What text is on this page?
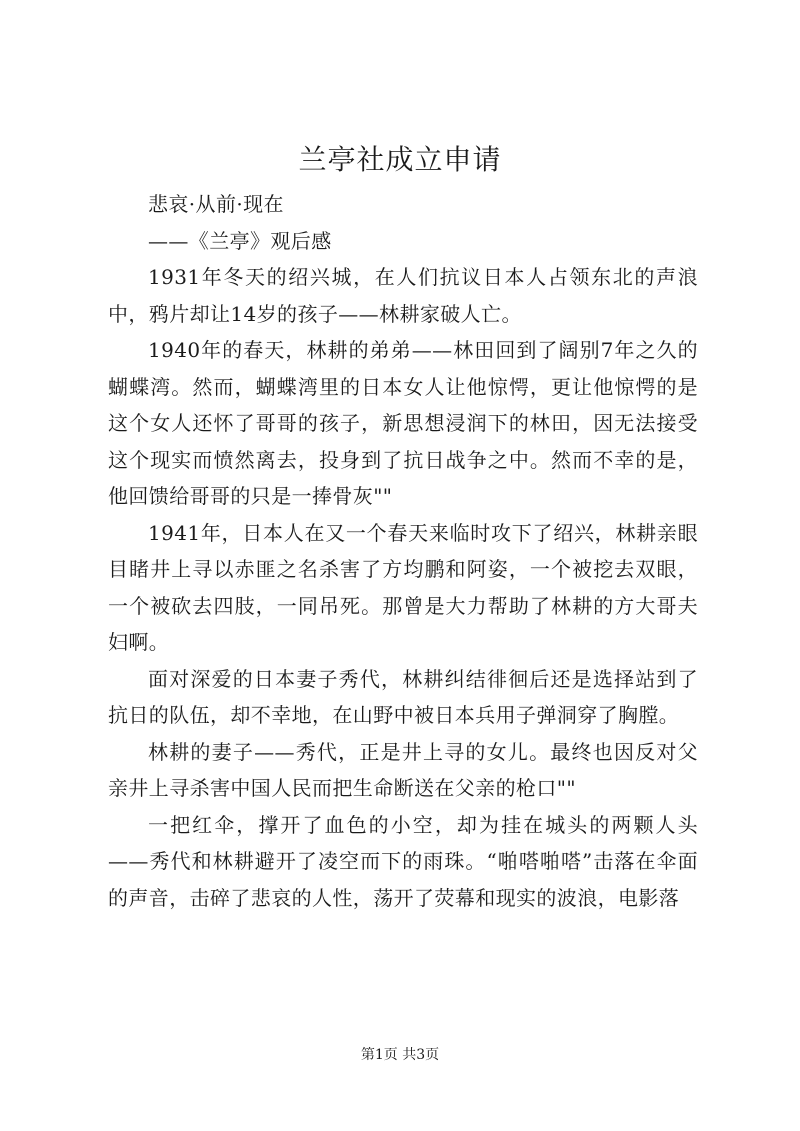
兰亭社成立申请

悲哀·从前·现在

——《兰亭》观后感

1931年冬天的绍兴城，在人们抗议日本人占领东北的声浪中，鸦片却让14岁的孩子——林耕家破人亡。

1940年的春天，林耕的弟弟——林田回到了阔别7年之久的蝴蝶湾。然而，蝴蝶湾里的日本女人让他惊愕，更让他惊愕的是这个女人还怀了哥哥的孩子，新思想浸润下的林田，因无法接受这个现实而愤然离去，投身到了抗日战争之中。然而不幸的是，他回馈给哥哥的只是一捧骨灰""

1941年，日本人在又一个春天来临时攻下了绍兴，林耕亲眼目睹井上寻以赤匪之名杀害了方均鹏和阿姿，一个被挖去双眼，一个被砍去四肢，一同吊死。那曾是大力帮助了林耕的方大哥夫妇啊。

面对深爱的日本妻子秀代，林耕纠结徘徊后还是选择站到了抗日的队伍，却不幸地，在山野中被日本兵用子弹洞穿了胸膛。

林耕的妻子——秀代，正是井上寻的女儿。最终也因反对父亲井上寻杀害中国人民而把生命断送在父亲的枪口""

一把红伞，撑开了血色的小空，却为挂在城头的两颗人头——秀代和林耕避开了凌空而下的雨珠。“啪嗒啪嗒”击落在伞面的声音，击碎了悲哀的人性，荡开了荧幕和现实的波浪，电影落

第1页 共3页
